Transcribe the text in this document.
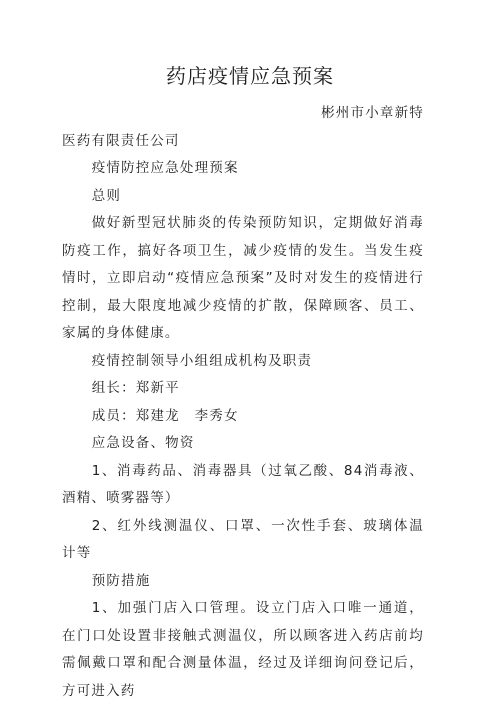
药店疫情应急预案

彬州市小章新特

医药有限责任公司

疫情防控应急处理预案

总则

做好新型冠状肺炎的传染预防知识，定期做好消毒防疫工作，搞好各项卫生，减少疫情的发生。当发生疫情时，立即启动“疫情应急预案”及时对发生的疫情进行控制，最大限度地减少疫情的扩散，保障顾客、员工、家属的身体健康。

疫情控制领导小组组成机构及职责

组长：郑新平

成员：郑建龙　李秀女

应急设备、物资

1、消毒药品、消毒器具（过氧乙酸、84消毒液、酒精、喷雾器等）

2、红外线测温仪、口罩、一次性手套、玻璃体温计等

预防措施

1、加强门店入口管理。设立门店入口唯一通道，在门口处设置非接触式测温仪，所以顾客进入药店前均需佩戴口罩和配合测量体温，经过及详细询问登记后，方可进入药
